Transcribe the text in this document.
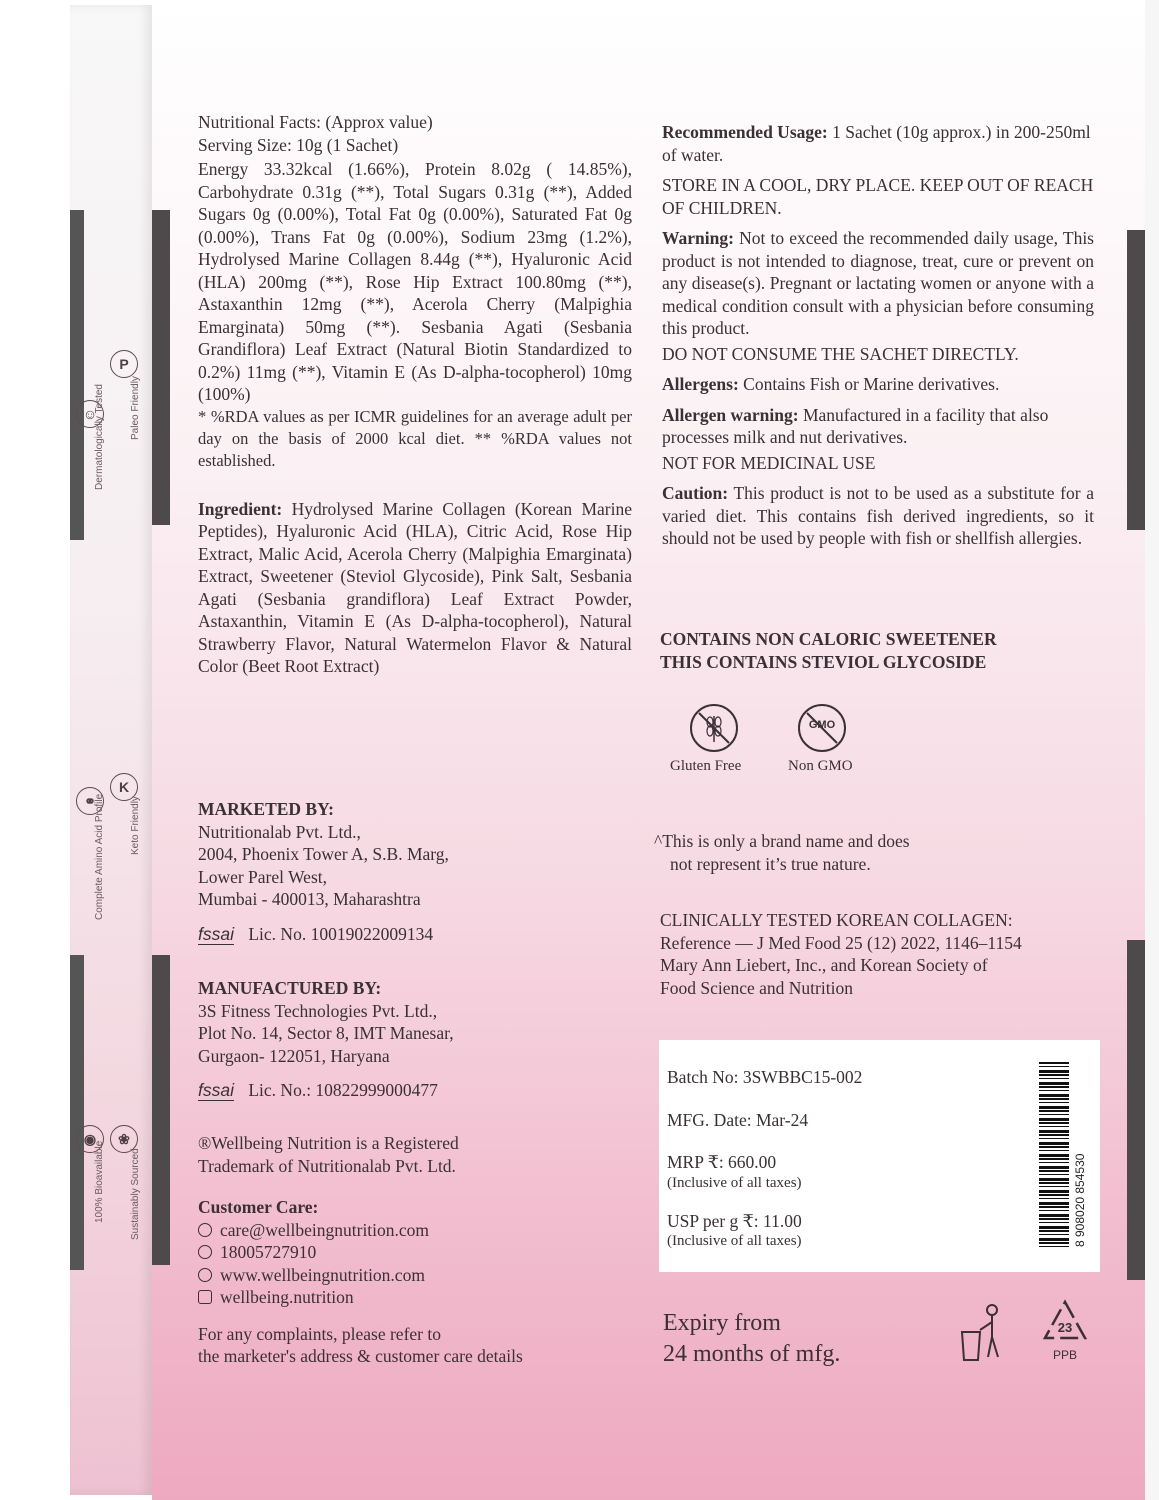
☺
Dermatologically Tested
P
Paleo Friendly
⚭
Complete Amino Acid Profile
K
Keto Friendly
◉
100% Bioavailable
❀
Sustainably Sourced

Nutritional Facts: (Approx value)

Serving Size: 10g (1 Sachet)

Energy 33.32kcal (1.66%), Protein 8.02g ( 14.85%), Carbohydrate 0.31g (**), Total Sugars 0.31g (**), Added Sugars 0g (0.00%), Total Fat 0g (0.00%), Saturated Fat 0g (0.00%), Trans Fat 0g (0.00%), Sodium 23mg (1.2%), Hydrolysed Marine Collagen 8.44g (**), Hyaluronic Acid (HLA) 200mg (**), Rose Hip Extract 100.80mg (**), Astaxanthin 12mg (**), Acerola Cherry (Malpighia Emarginata) 50mg (**). Sesbania Agati (Sesbania Grandiflora) Leaf Extract (Natural Biotin Standardized to 0.2%) 11mg (**), Vitamin E (As D-alpha-tocopherol) 10mg (100%)

* %RDA values as per ICMR guidelines for an average adult per day on the basis of 2000 kcal diet. ** %RDA values not established.

Ingredient: Hydrolysed Marine Collagen (Korean Marine Peptides), Hyaluronic Acid (HLA), Citric Acid, Rose Hip Extract, Malic Acid, Acerola Cherry (Malpighia Emarginata) Extract, Sweetener (Steviol Glycoside), Pink Salt, Sesbania Agati (Sesbania grandiflora) Leaf Extract Powder, Astaxanthin, Vitamin E (As D-alpha-tocopherol), Natural Strawberry Flavor, Natural Watermelon Flavor & Natural Color (Beet Root Extract)

MARKETED BY:

Nutritionalab Pvt. Ltd.,

2004, Phoenix Tower A, S.B. Marg,

Lower Parel West,

Mumbai - 400013, Maharashtra

fssai Lic. No. 10019022009134

MANUFACTURED BY:

3S Fitness Technologies Pvt. Ltd.,

Plot No. 14, Sector 8, IMT Manesar,

Gurgaon- 122051, Haryana

fssai Lic. No.: 10822999000477

®Wellbeing Nutrition is a Registered

Trademark of Nutritionalab Pvt. Ltd.

Customer Care:

care@wellbeingnutrition.com

18005727910

www.wellbeingnutrition.com

wellbeing.nutrition

For any complaints, please refer to

the marketer's address & customer care details

Recommended Usage: 1 Sachet (10g approx.) in 200-250ml of water.

STORE IN A COOL, DRY PLACE. KEEP OUT OF REACH OF CHILDREN.

Warning: Not to exceed the recommended daily usage, This product is not intended to diagnose, treat, cure or prevent on any disease(s). Pregnant or lactating women or anyone with a medical condition consult with a physician before consuming this product.

DO NOT CONSUME THE SACHET DIRECTLY.

Allergens: Contains Fish or Marine derivatives.

Allergen warning: Manufactured in a facility that also processes milk and nut derivatives.

NOT FOR MEDICINAL USE

Caution: This product is not to be used as a substitute for a varied diet. This contains fish derived ingredients, so it should not be used by people with fish or shellfish allergies.

CONTAINS NON CALORIC SWEETENER

THIS CONTAINS STEVIOL GLYCOSIDE

Gluten Free
GMO
Non GMO

^This is only a brand name and does

not represent it’s true nature.

CLINICALLY TESTED KOREAN COLLAGEN:

Reference — J Med Food 25 (12) 2022, 1146–1154

Mary Ann Liebert, Inc., and Korean Society of

Food Science and Nutrition

Batch No: 3SWBBC15-002

MFG. Date: Mar-24

MRP ₹: 660.00

(Inclusive of all taxes)

USP per g ₹: 11.00

(Inclusive of all taxes)	8 908020 854530

Expiry from

24 months of mfg.

23
PPB
